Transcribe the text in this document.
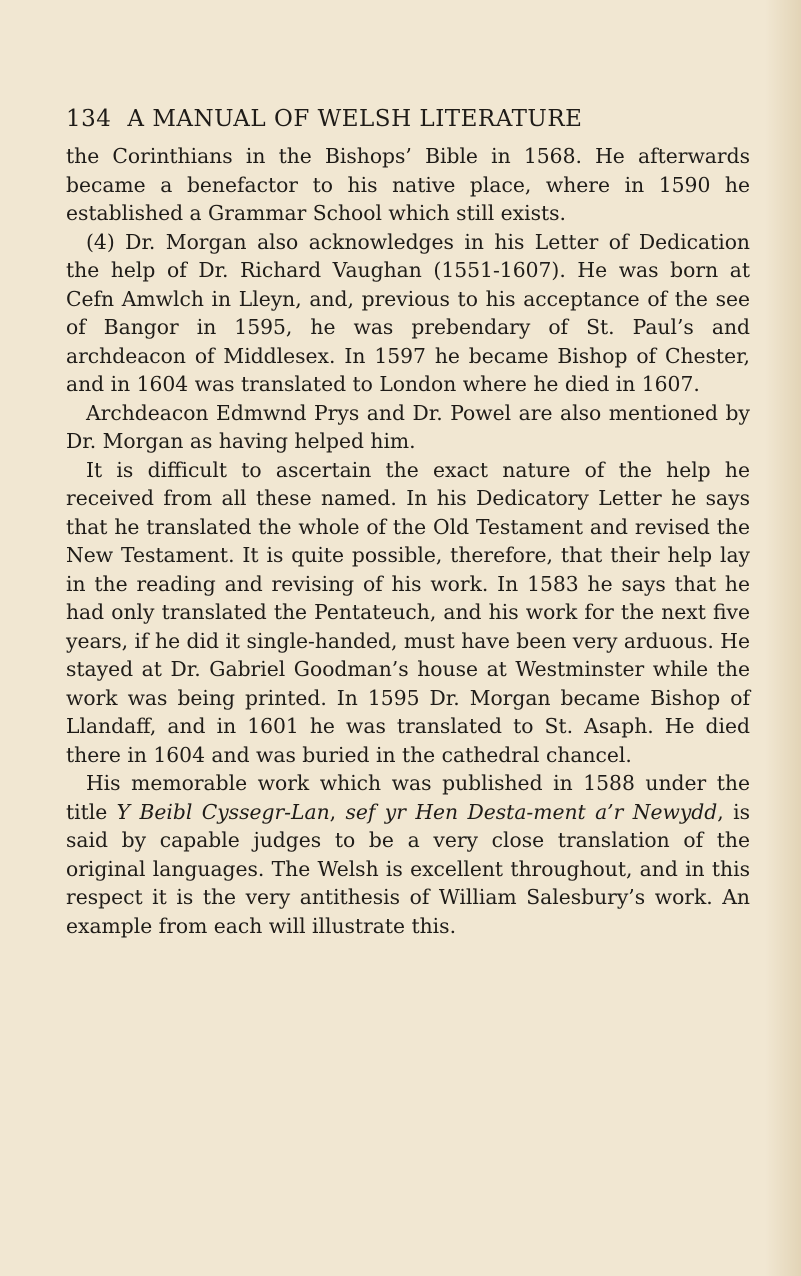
134 A MANUAL OF WELSH LITERATURE

the Corinthians in the Bishops’ Bible in 1568. He afterwards became a benefactor to his native place, where in 1590 he established a Grammar School which still exists.

(4) Dr. Morgan also acknowledges in his Letter of Dedication the help of Dr. Richard Vaughan (1551-1607). He was born at Cefn Amwlch in Lleyn, and, previous to his acceptance of the see of Bangor in 1595, he was prebendary of St. Paul’s and archdeacon of Middlesex. In 1597 he became Bishop of Chester, and in 1604 was translated to London where he died in 1607.

Archdeacon Edmwnd Prys and Dr. Powel are also mentioned by Dr. Morgan as having helped him.

It is difficult to ascertain the exact nature of the help he received from all these named. In his Dedicatory Letter he says that he translated the whole of the Old Testament and revised the New Testament. It is quite possible, therefore, that their help lay in the reading and revising of his work. In 1583 he says that he had only translated the Pentateuch, and his work for the next five years, if he did it single-handed, must have been very arduous. He stayed at Dr. Gabriel Goodman’s house at Westminster while the work was being printed. In 1595 Dr. Morgan became Bishop of Llandaff, and in 1601 he was translated to St. Asaph. He died there in 1604 and was buried in the cathedral chancel.

His memorable work which was published in 1588 under the title Y Beibl Cyssegr-Lan, sef yr Hen Desta-ment a’r Newydd, is said by capable judges to be a very close translation of the original languages. The Welsh is excellent throughout, and in this respect it is the very antithesis of William Salesbury’s work. An example from each will illustrate this.
